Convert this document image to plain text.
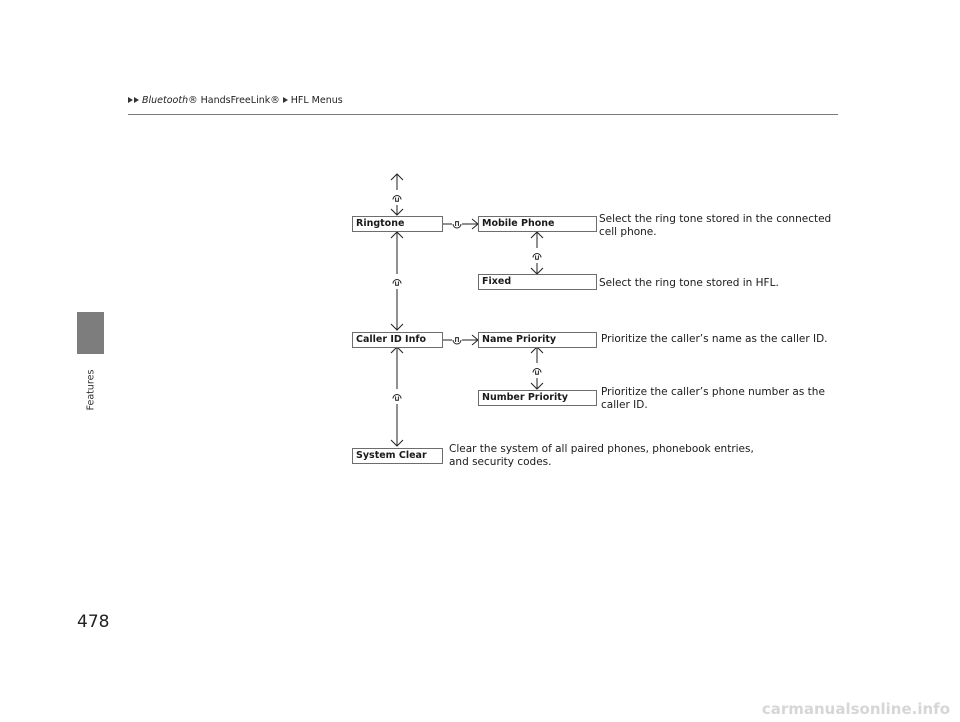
Bluetooth® HandsFreeLink® HFL Menus
Features
Ringtone	Mobile Phone
Fixed
Caller ID Info	Name Priority
Number Priority
System Clear
Select the ring tone stored in the connected
cell phone.
Select the ring tone stored in HFL.
Prioritize the caller’s name as the caller ID.
Prioritize the caller’s phone number as the
caller ID.
Clear the system of all paired phones, phonebook entries,
and security codes.
478
carmanualsonline.info
